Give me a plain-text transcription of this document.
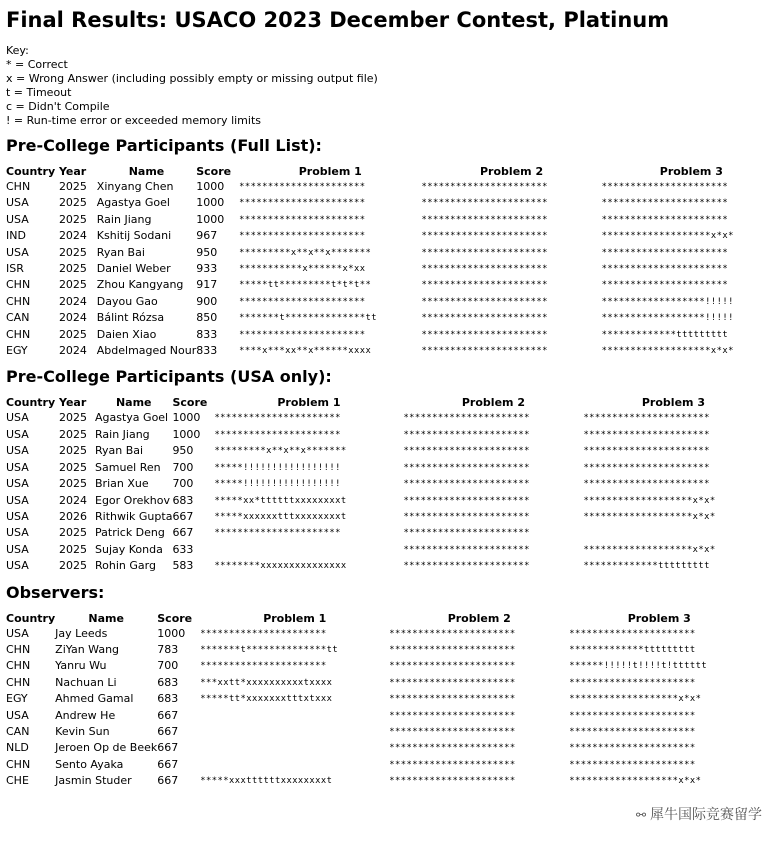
Final Results: USACO 2023 December Contest, Platinum
Key:
* = Correct
x = Wrong Answer (including possibly empty or missing output file)
t = Timeout
c = Didn't Compile
! = Run-time error or exceeded memory limits
Pre-College Participants (Full List):
Country	Year	Name	Score	Problem 1	Problem 2	Problem 3
CHN	2025	Xinyang Chen	1000	**********************	**********************	**********************
USA	2025	Agastya Goel	1000	**********************	**********************	**********************
USA	2025	Rain Jiang	1000	**********************	**********************	**********************
IND	2024	Kshitij Sodani	967	**********************	**********************	*******************x*x*
USA	2025	Ryan Bai	950	*********x**x**x*******	**********************	**********************
ISR	2025	Daniel Weber	933	***********x******x*xx	**********************	**********************
CHN	2025	Zhou Kangyang	917	*****tt*********t*t*t**	**********************	**********************
CHN	2024	Dayou Gao	900	**********************	**********************	******************!!!!!
CAN	2024	Bálint Rózsa	850	*******t**************tt	**********************	******************!!!!!
CHN	2025	Daien Xiao	833	**********************	**********************	*************ttttttttt
EGY	2024	Abdelmaged Nour	833	****x***xx**x******xxxx	**********************	*******************x*x*
Pre-College Participants (USA only):
Country	Year	Name	Score	Problem 1	Problem 2	Problem 3
USA	2025	Agastya Goel	1000	**********************	**********************	**********************
USA	2025	Rain Jiang	1000	**********************	**********************	**********************
USA	2025	Ryan Bai	950	*********x**x**x*******	**********************	**********************
USA	2025	Samuel Ren	700	*****!!!!!!!!!!!!!!!!!	**********************	**********************
USA	2025	Brian Xue	700	*****!!!!!!!!!!!!!!!!!	**********************	**********************
USA	2024	Egor Orekhov	683	*****xx*ttttttxxxxxxxxt	**********************	*******************x*x*
USA	2026	Rithwik Gupta	667	*****xxxxxxtttxxxxxxxxt	**********************	*******************x*x*
USA	2025	Patrick Deng	667	**********************	**********************	
USA	2025	Sujay Konda	633		**********************	*******************x*x*
USA	2025	Rohin Garg	583	********xxxxxxxxxxxxxxx	**********************	*************ttttttttt
Observers:
Country	Name	Score	Problem 1	Problem 2	Problem 3
USA	Jay Leeds	1000	**********************	**********************	**********************
CHN	ZiYan Wang	783	*******t**************tt	**********************	*************ttttttttt
CHN	Yanru Wu	700	**********************	**********************	******!!!!!t!!!!t!tttttt
CHN	Nachuan Li	683	***xxtt*xxxxxxxxxxtxxxx	**********************	**********************
EGY	Ahmed Gamal	683	*****tt*xxxxxxxtttxtxxx	**********************	*******************x*x*
USA	Andrew He	667		**********************	**********************
CAN	Kevin Sun	667		**********************	**********************
NLD	Jeroen Op de Beek	667		**********************	**********************
CHN	Sento Ayaka	667		**********************	**********************
CHE	Jasmin Studer	667	*****xxxttttttxxxxxxxxt	**********************	*******************x*x*
⚯ 犀牛国际竞赛留学
